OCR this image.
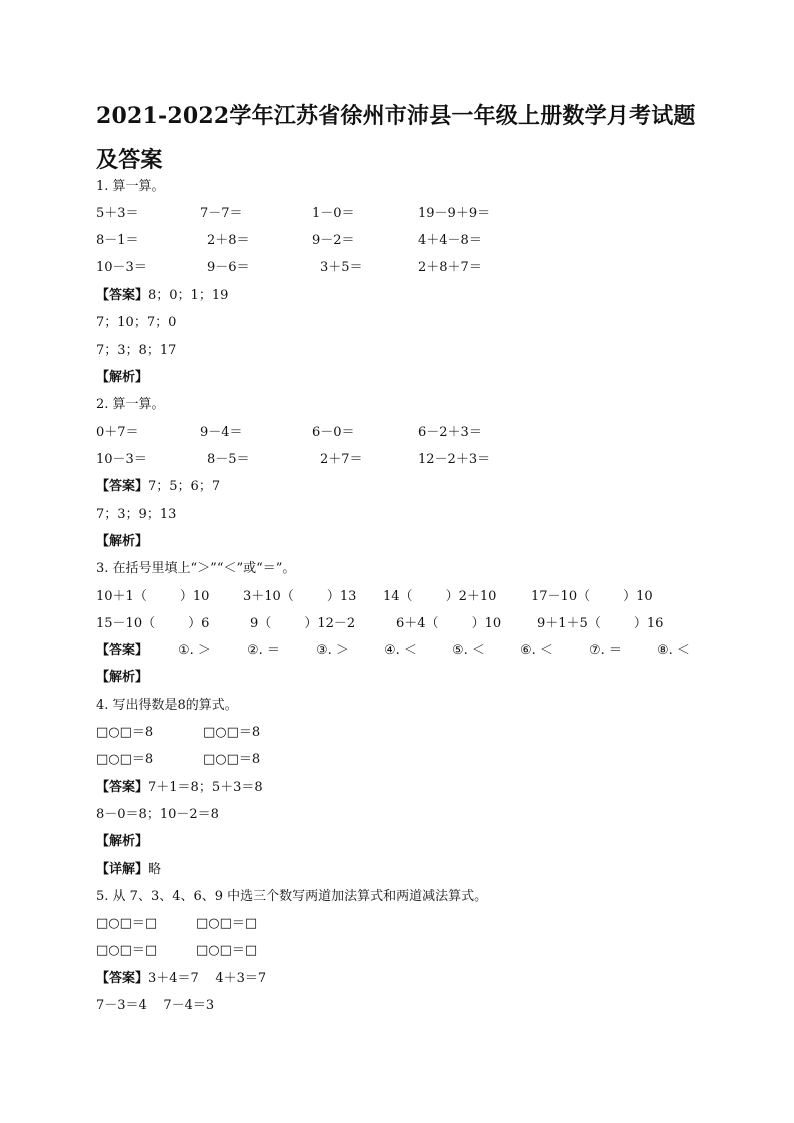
2021-2022学年江苏省徐州市沛县一年级上册数学月考试题及答案
1. 算一算。
5＋3＝	7－7＝	1－0＝	19－9＋9＝
8－1＝	2＋8＝	9－2＝	4＋4－8＝
10－3＝	9－6＝	3＋5＝	2＋8＋7＝
【答案】8；0；1；19
7；10；7；0
7；3；8；17
【解析】
2. 算一算。
0＋7＝	9－4＝	6－0＝	6－2＋3＝
10－3＝	8－5＝	2＋7＝	12－2＋3＝
【答案】7；5；6；7
7；3；9；13
【解析】
3. 在括号里填上“＞”“＜”或“＝”。
10＋1（        ）10	3＋10（        ）13 14（        ）2＋10	17－10（        ）10
15－10（        ）6	9（        ）12－2	6＋4（        ）10	9＋1＋5（        ）16
【答案】 ①. ＞	②. ＝	③. ＞	④. ＜	⑤. ＜	⑥. ＜	⑦. ＝	⑧. ＜
【解析】
4. 写出得数是8的算式。
□○□＝8	□○□＝8
□○□＝8	□○□＝8
【答案】7＋1＝8；5＋3＝8
8－0＝8；10－2＝8
【解析】
【详解】略
5. 从 7、3、4、6、9 中选三个数写两道加法算式和两道减法算式。
□○□＝□	□○□＝□
□○□＝□	□○□＝□
【答案】3＋4＝7    4＋3＝7
7－3＝4    7－4＝3
